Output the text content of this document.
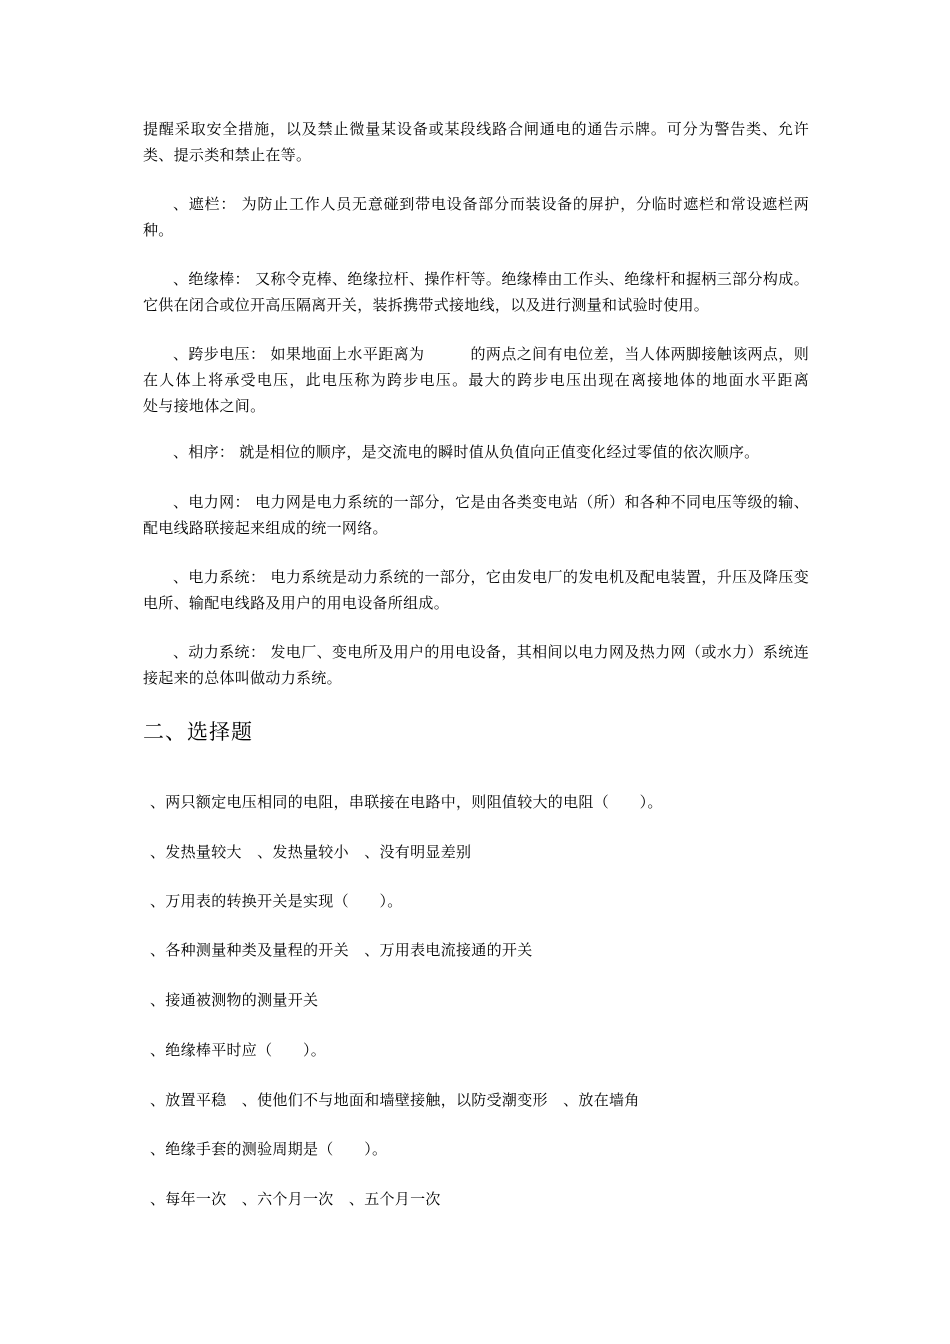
提醒采取安全措施，以及禁止微量某设备或某段线路合闸通电的通告示牌。可分为警告类、允许类、提示类和禁止在等。

、遮栏： 为防止工作人员无意碰到带电设备部分而装设备的屏护，分临时遮栏和常设遮栏两种。

、绝缘棒： 又称令克棒、绝缘拉杆、操作杆等。绝缘棒由工作头、绝缘杆和握柄三部分构成。它供在闭合或位开高压隔离开关，装拆携带式接地线，以及进行测量和试验时使用。

、跨步电压： 如果地面上水平距离为　　　的两点之间有电位差，当人体两脚接触该两点，则在人体上将承受电压，此电压称为跨步电压。最大的跨步电压出现在离接地体的地面水平距离　　　处与接地体之间。

、相序： 就是相位的顺序，是交流电的瞬时值从负值向正值变化经过零值的依次顺序。

、电力网： 电力网是电力系统的一部分，它是由各类变电站（所）和各种不同电压等级的输、配电线路联接起来组成的统一网络。

、电力系统： 电力系统是动力系统的一部分，它由发电厂的发电机及配电装置，升压及降压变电所、输配电线路及用户的用电设备所组成。

、动力系统： 发电厂、变电所及用户的用电设备，其相间以电力网及热力网（或水力）系统连接起来的总体叫做动力系统。

二、选择题

、两只额定电压相同的电阻，串联接在电路中，则阻值较大的电阻（　　）。

、发热量较大　、发热量较小　、没有明显差别

、万用表的转换开关是实现（　　）。

、各种测量种类及量程的开关　、万用表电流接通的开关

、接通被测物的测量开关

、绝缘棒平时应（　　）。

、放置平稳　、使他们不与地面和墙壁接触，以防受潮变形　、放在墙角

、绝缘手套的测验周期是（　　）。

、每年一次　、六个月一次　、五个月一次
